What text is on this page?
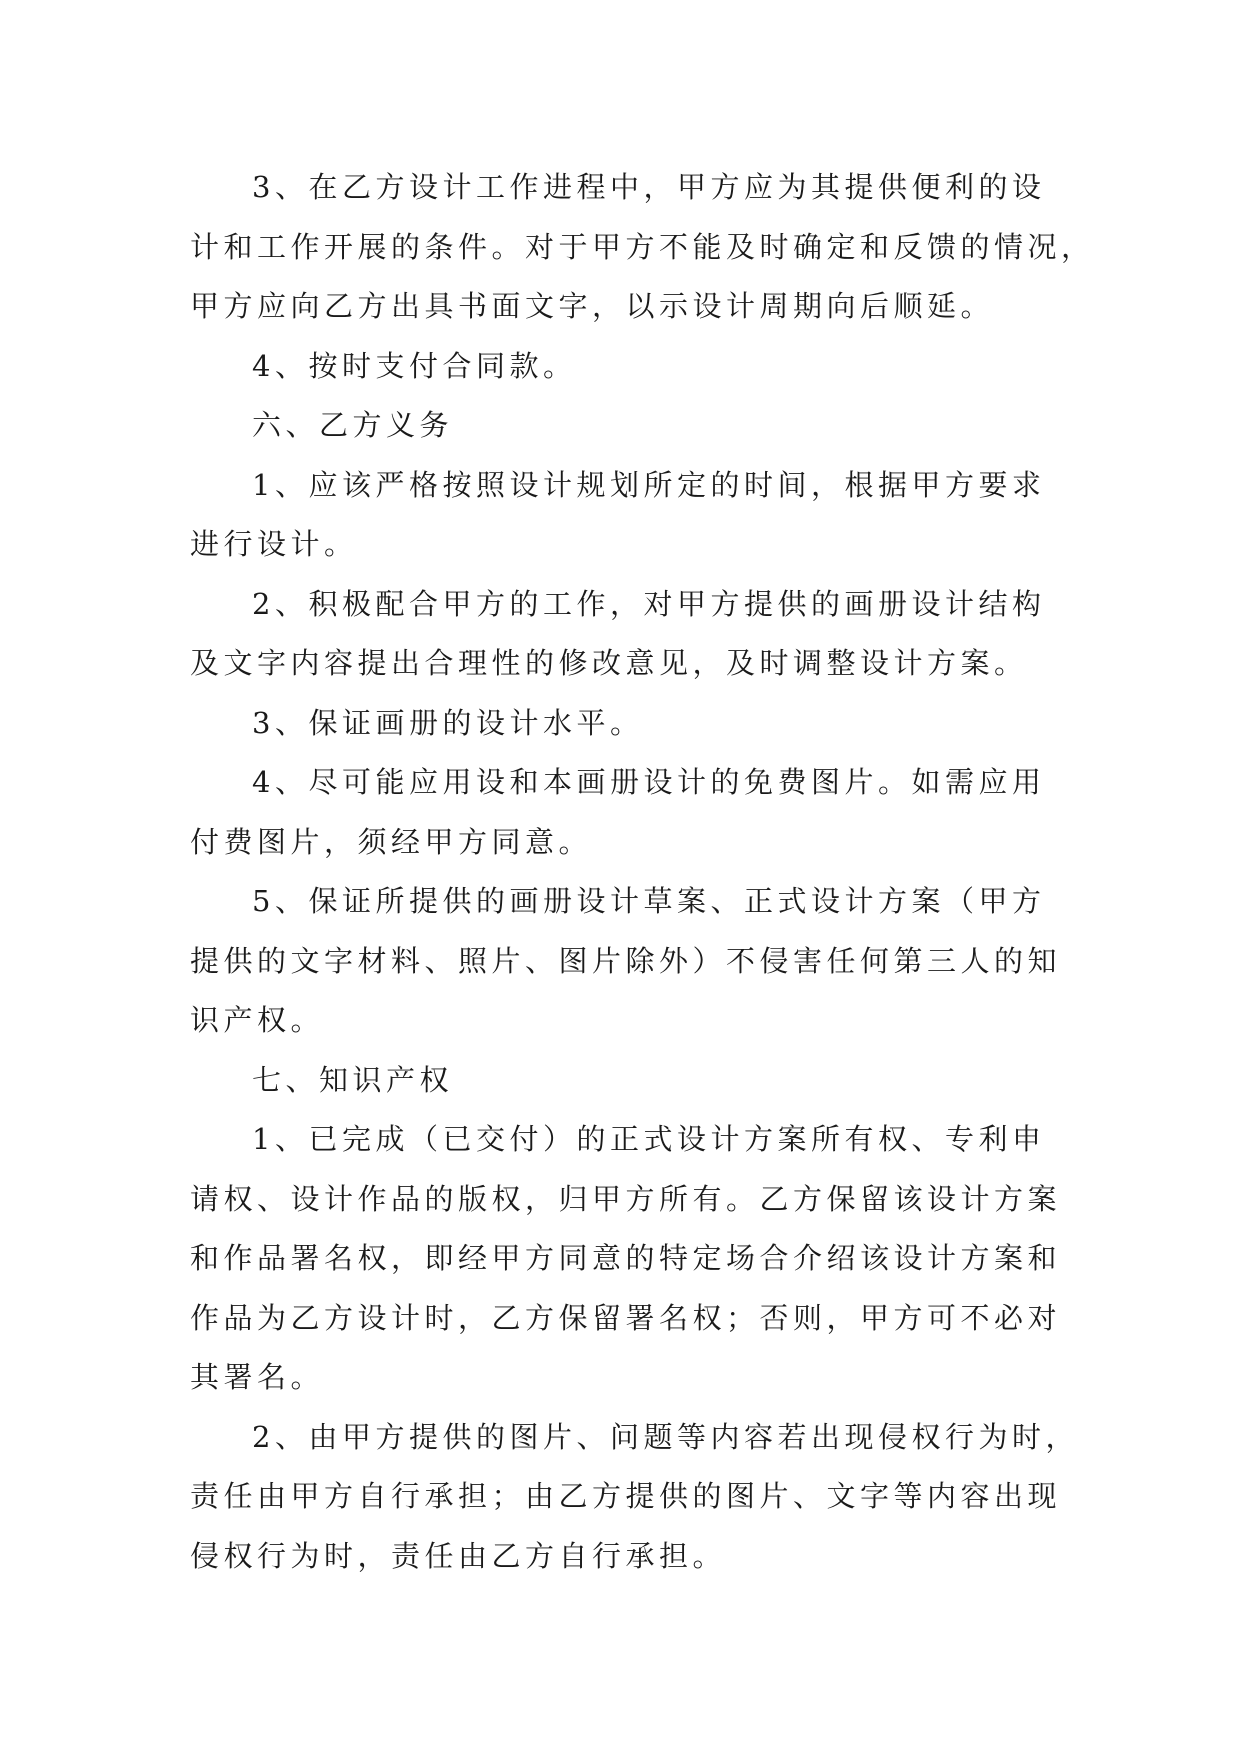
3、在乙方设计工作进程中，甲方应为其提供便利的设
计和工作开展的条件。对于甲方不能及时确定和反馈的情况，
甲方应向乙方出具书面文字，以示设计周期向后顺延。
4、按时支付合同款。
六、乙方义务
1、应该严格按照设计规划所定的时间，根据甲方要求
进行设计。
2、积极配合甲方的工作，对甲方提供的画册设计结构
及文字内容提出合理性的修改意见，及时调整设计方案。
3、保证画册的设计水平。
4、尽可能应用设和本画册设计的免费图片。如需应用
付费图片，须经甲方同意。
5、保证所提供的画册设计草案、正式设计方案（甲方
提供的文字材料、照片、图片除外）不侵害任何第三人的知
识产权。
七、知识产权
1、已完成（已交付）的正式设计方案所有权、专利申
请权、设计作品的版权，归甲方所有。乙方保留该设计方案
和作品署名权，即经甲方同意的特定场合介绍该设计方案和
作品为乙方设计时，乙方保留署名权；否则，甲方可不必对
其署名。
2、由甲方提供的图片、问题等内容若出现侵权行为时，
责任由甲方自行承担；由乙方提供的图片、文字等内容出现
侵权行为时，责任由乙方自行承担。
